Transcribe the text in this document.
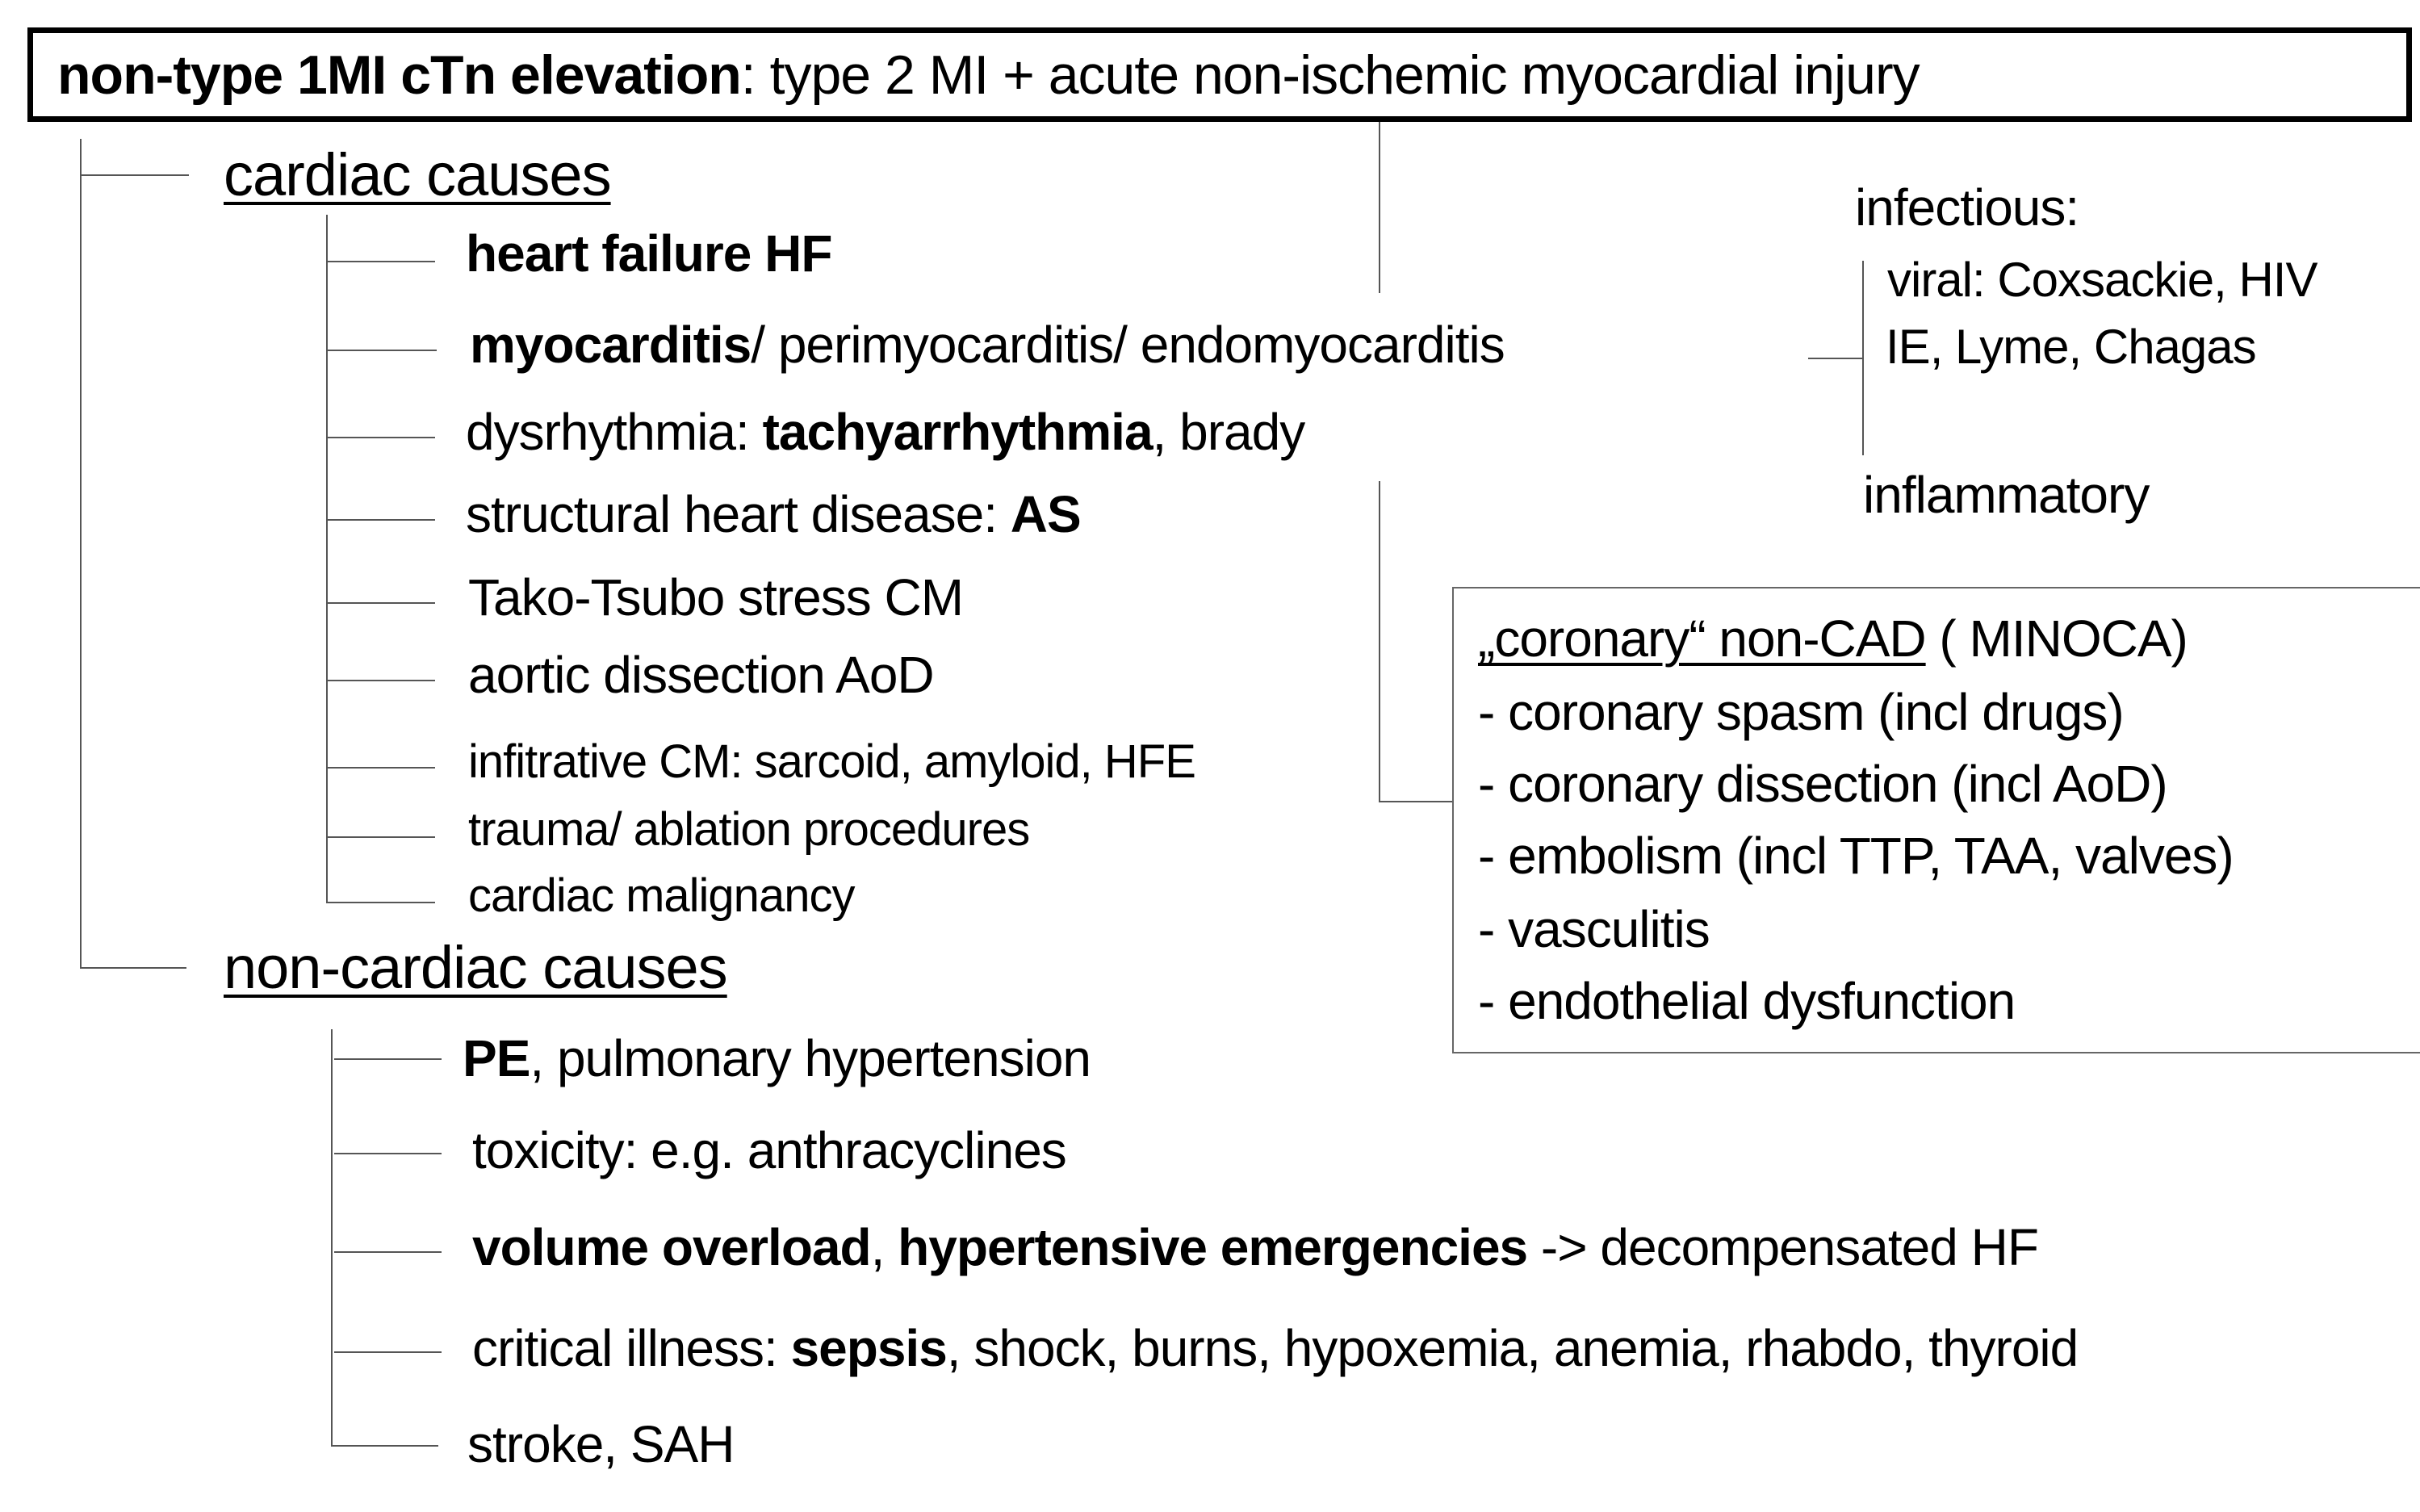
non-type 1MI cTn elevation: type 2 MI + acute non-ischemic myocardial injury
cardiac causes
heart failure HF
myocarditis/ perimyocarditis/ endomyocarditis
dysrhythmia: tachyarrhythmia, brady
structural heart disease: AS
Tako-Tsubo stress CM
aortic dissection AoD
infitrative CM: sarcoid, amyloid, HFE
trauma/ ablation procedures
cardiac malignancy
non-cardiac causes
PE, pulmonary hypertension
toxicity: e.g. anthracyclines
volume overload, hypertensive emergencies -> decompensated HF
critical illness: sepsis, shock, burns, hypoxemia, anemia, rhabdo, thyroid
stroke, SAH
infectious:
viral: Coxsackie, HIV
IE, Lyme, Chagas
inflammatory
„coronary“ non-CAD ( MINOCA)
- coronary spasm (incl drugs)
- coronary dissection (incl AoD)
- embolism (incl TTP, TAA, valves)
- vasculitis
- endothelial dysfunction
